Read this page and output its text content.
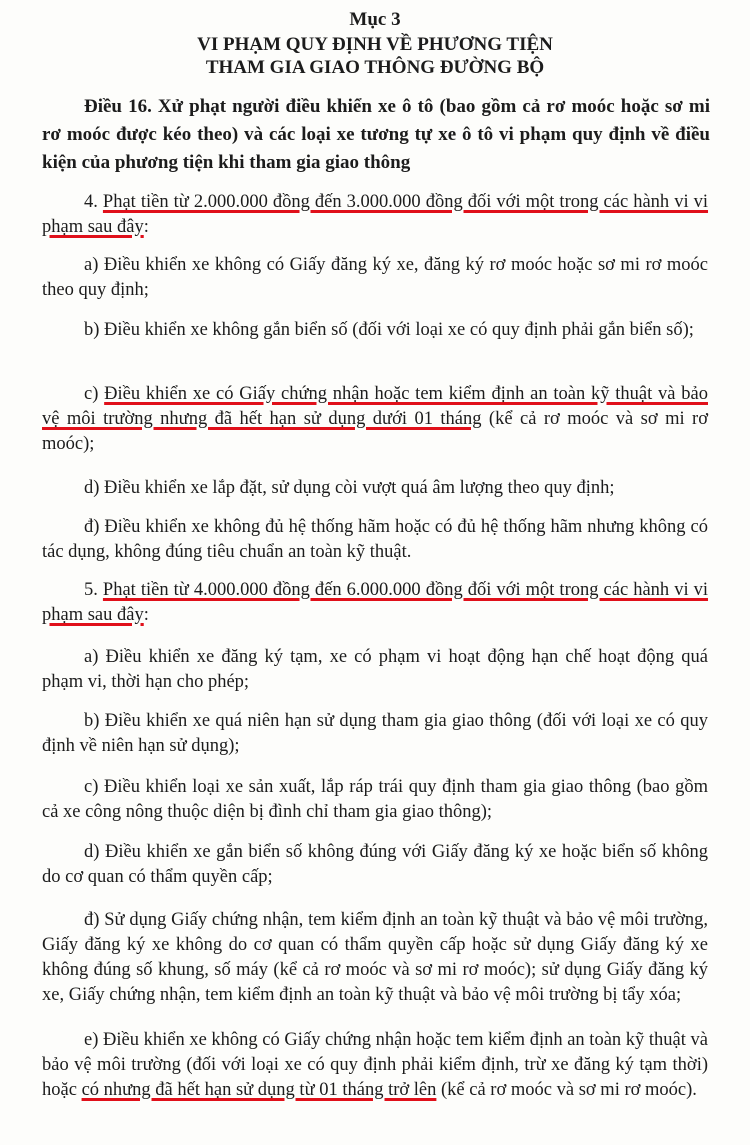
Mục 3
VI PHẠM QUY ĐỊNH VỀ PHƯƠNG TIỆN
THAM GIA GIAO THÔNG ĐƯỜNG BỘ
Điều 16. Xử phạt người điều khiển xe ô tô (bao gồm cả rơ moóc hoặc sơ mi rơ moóc được kéo theo) và các loại xe tương tự xe ô tô vi phạm quy định về điều kiện của phương tiện khi tham gia giao thông
4. Phạt tiền từ 2.000.000 đồng đến 3.000.000 đồng đối với một trong các hành vi vi phạm sau đây:
a) Điều khiển xe không có Giấy đăng ký xe, đăng ký rơ moóc hoặc sơ mi rơ moóc theo quy định;
b) Điều khiển xe không gắn biển số (đối với loại xe có quy định phải gắn biển số);
c) Điều khiển xe có Giấy chứng nhận hoặc tem kiểm định an toàn kỹ thuật và bảo vệ môi trường nhưng đã hết hạn sử dụng dưới 01 tháng (kể cả rơ moóc và sơ mi rơ moóc);
d) Điều khiển xe lắp đặt, sử dụng còi vượt quá âm lượng theo quy định;
đ) Điều khiển xe không đủ hệ thống hãm hoặc có đủ hệ thống hãm nhưng không có tác dụng, không đúng tiêu chuẩn an toàn kỹ thuật.
5. Phạt tiền từ 4.000.000 đồng đến 6.000.000 đồng đối với một trong các hành vi vi phạm sau đây:
a) Điều khiển xe đăng ký tạm, xe có phạm vi hoạt động hạn chế hoạt động quá phạm vi, thời hạn cho phép;
b) Điều khiển xe quá niên hạn sử dụng tham gia giao thông (đối với loại xe có quy định về niên hạn sử dụng);
c) Điều khiển loại xe sản xuất, lắp ráp trái quy định tham gia giao thông (bao gồm cả xe công nông thuộc diện bị đình chỉ tham gia giao thông);
d) Điều khiển xe gắn biển số không đúng với Giấy đăng ký xe hoặc biển số không do cơ quan có thẩm quyền cấp;
đ) Sử dụng Giấy chứng nhận, tem kiểm định an toàn kỹ thuật và bảo vệ môi trường, Giấy đăng ký xe không do cơ quan có thẩm quyền cấp hoặc sử dụng Giấy đăng ký xe không đúng số khung, số máy (kể cả rơ moóc và sơ mi rơ moóc); sử dụng Giấy đăng ký xe, Giấy chứng nhận, tem kiểm định an toàn kỹ thuật và bảo vệ môi trường bị tẩy xóa;
e) Điều khiển xe không có Giấy chứng nhận hoặc tem kiểm định an toàn kỹ thuật và bảo vệ môi trường (đối với loại xe có quy định phải kiểm định, trừ xe đăng ký tạm thời) hoặc có nhưng đã hết hạn sử dụng từ 01 tháng trở lên (kể cả rơ moóc và sơ mi rơ moóc).
